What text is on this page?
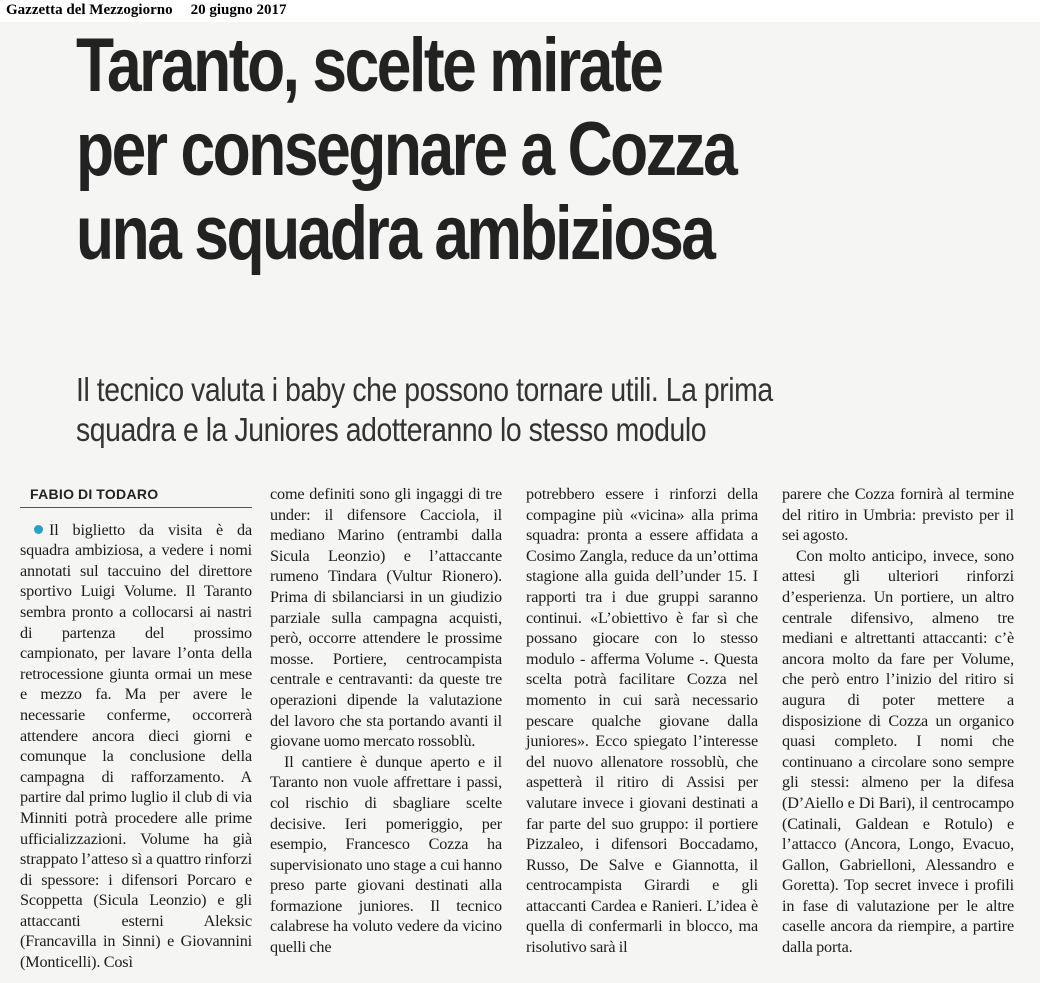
Gazzetta del Mezzogiorno 20 giugno 2017
Taranto, scelte mirate
per consegnare a Cozza
una squadra ambiziosa
Il tecnico valuta i baby che possono tornare utili. La prima
squadra e la Juniores adotteranno lo stesso modulo
FABIO DI TODARO

Il biglietto da visita è da squadra ambiziosa, a vedere i nomi annotati sul taccuino del direttore sportivo Luigi Volume. Il Taranto sembra pronto a collocarsi ai nastri di partenza del prossimo campionato, per lavare l’onta della retrocessione giunta ormai un mese e mezzo fa. Ma per avere le necessarie conferme, occorrerà attendere ancora dieci giorni e comunque la conclusione della campagna di rafforzamento. A partire dal primo luglio il club di via Minniti potrà procedere alle prime ufficializzazioni. Volume ha già strappato l’atteso sì a quattro rinforzi di spessore: i difensori Porcaro e Scoppetta (Sicula Leonzio) e gli attaccanti esterni Aleksic (Francavilla in Sinni) e Giovannini (Monticelli). Così

come definiti sono gli ingaggi di tre under: il difensore Cacciola, il mediano Marino (entrambi dalla Sicula Leonzio) e l’attaccante rumeno Tindara (Vultur Rionero). Prima di sbilanciarsi in un giudizio parziale sulla campagna acquisti, però, occorre attendere le prossime mosse. Portiere, centrocampista centrale e centravanti: da queste tre operazioni dipende la valutazione del lavoro che sta portando avanti il giovane uomo mercato rossoblù.

Il cantiere è dunque aperto e il Taranto non vuole affrettare i passi, col rischio di sbagliare scelte decisive. Ieri pomeriggio, per esempio, Francesco Cozza ha supervisionato uno stage a cui hanno preso parte giovani destinati alla formazione juniores. Il tecnico calabrese ha voluto vedere da vicino quelli che

potrebbero essere i rinforzi della compagine più «vicina» alla prima squadra: pronta a essere affidata a Cosimo Zangla, reduce da un’ottima stagione alla guida dell’under 15. I rapporti tra i due gruppi saranno continui. «L’obiettivo è far sì che possano giocare con lo stesso modulo - afferma Volume -. Questa scelta potrà facilitare Cozza nel momento in cui sarà necessario pescare qualche giovane dalla juniores». Ecco spiegato l’interesse del nuovo allenatore rossoblù, che aspetterà il ritiro di Assisi per valutare invece i giovani destinati a far parte del suo gruppo: il portiere Pizzaleo, i difensori Boccadamo, Russo, De Salve e Giannotta, il centrocampista Girardi e gli attaccanti Cardea e Ranieri. L’idea è quella di confermarli in blocco, ma risolutivo sarà il

parere che Cozza fornirà al termine del ritiro in Umbria: previsto per il sei agosto.

Con molto anticipo, invece, sono attesi gli ulteriori rinforzi d’esperienza. Un portiere, un altro centrale difensivo, almeno tre mediani e altrettanti attaccanti: c’è ancora molto da fare per Volume, che però entro l’inizio del ritiro si augura di poter mettere a disposizione di Cozza un organico quasi completo. I nomi che continuano a circolare sono sempre gli stessi: almeno per la difesa (D’Aiello e Di Bari), il centrocampo (Catinali, Galdean e Rotulo) e l’attacco (Ancora, Longo, Evacuo, Gallon, Gabrielloni, Alessandro e Goretta). Top secret invece i profili in fase di valutazione per le altre caselle ancora da riempire, a partire dalla porta.
